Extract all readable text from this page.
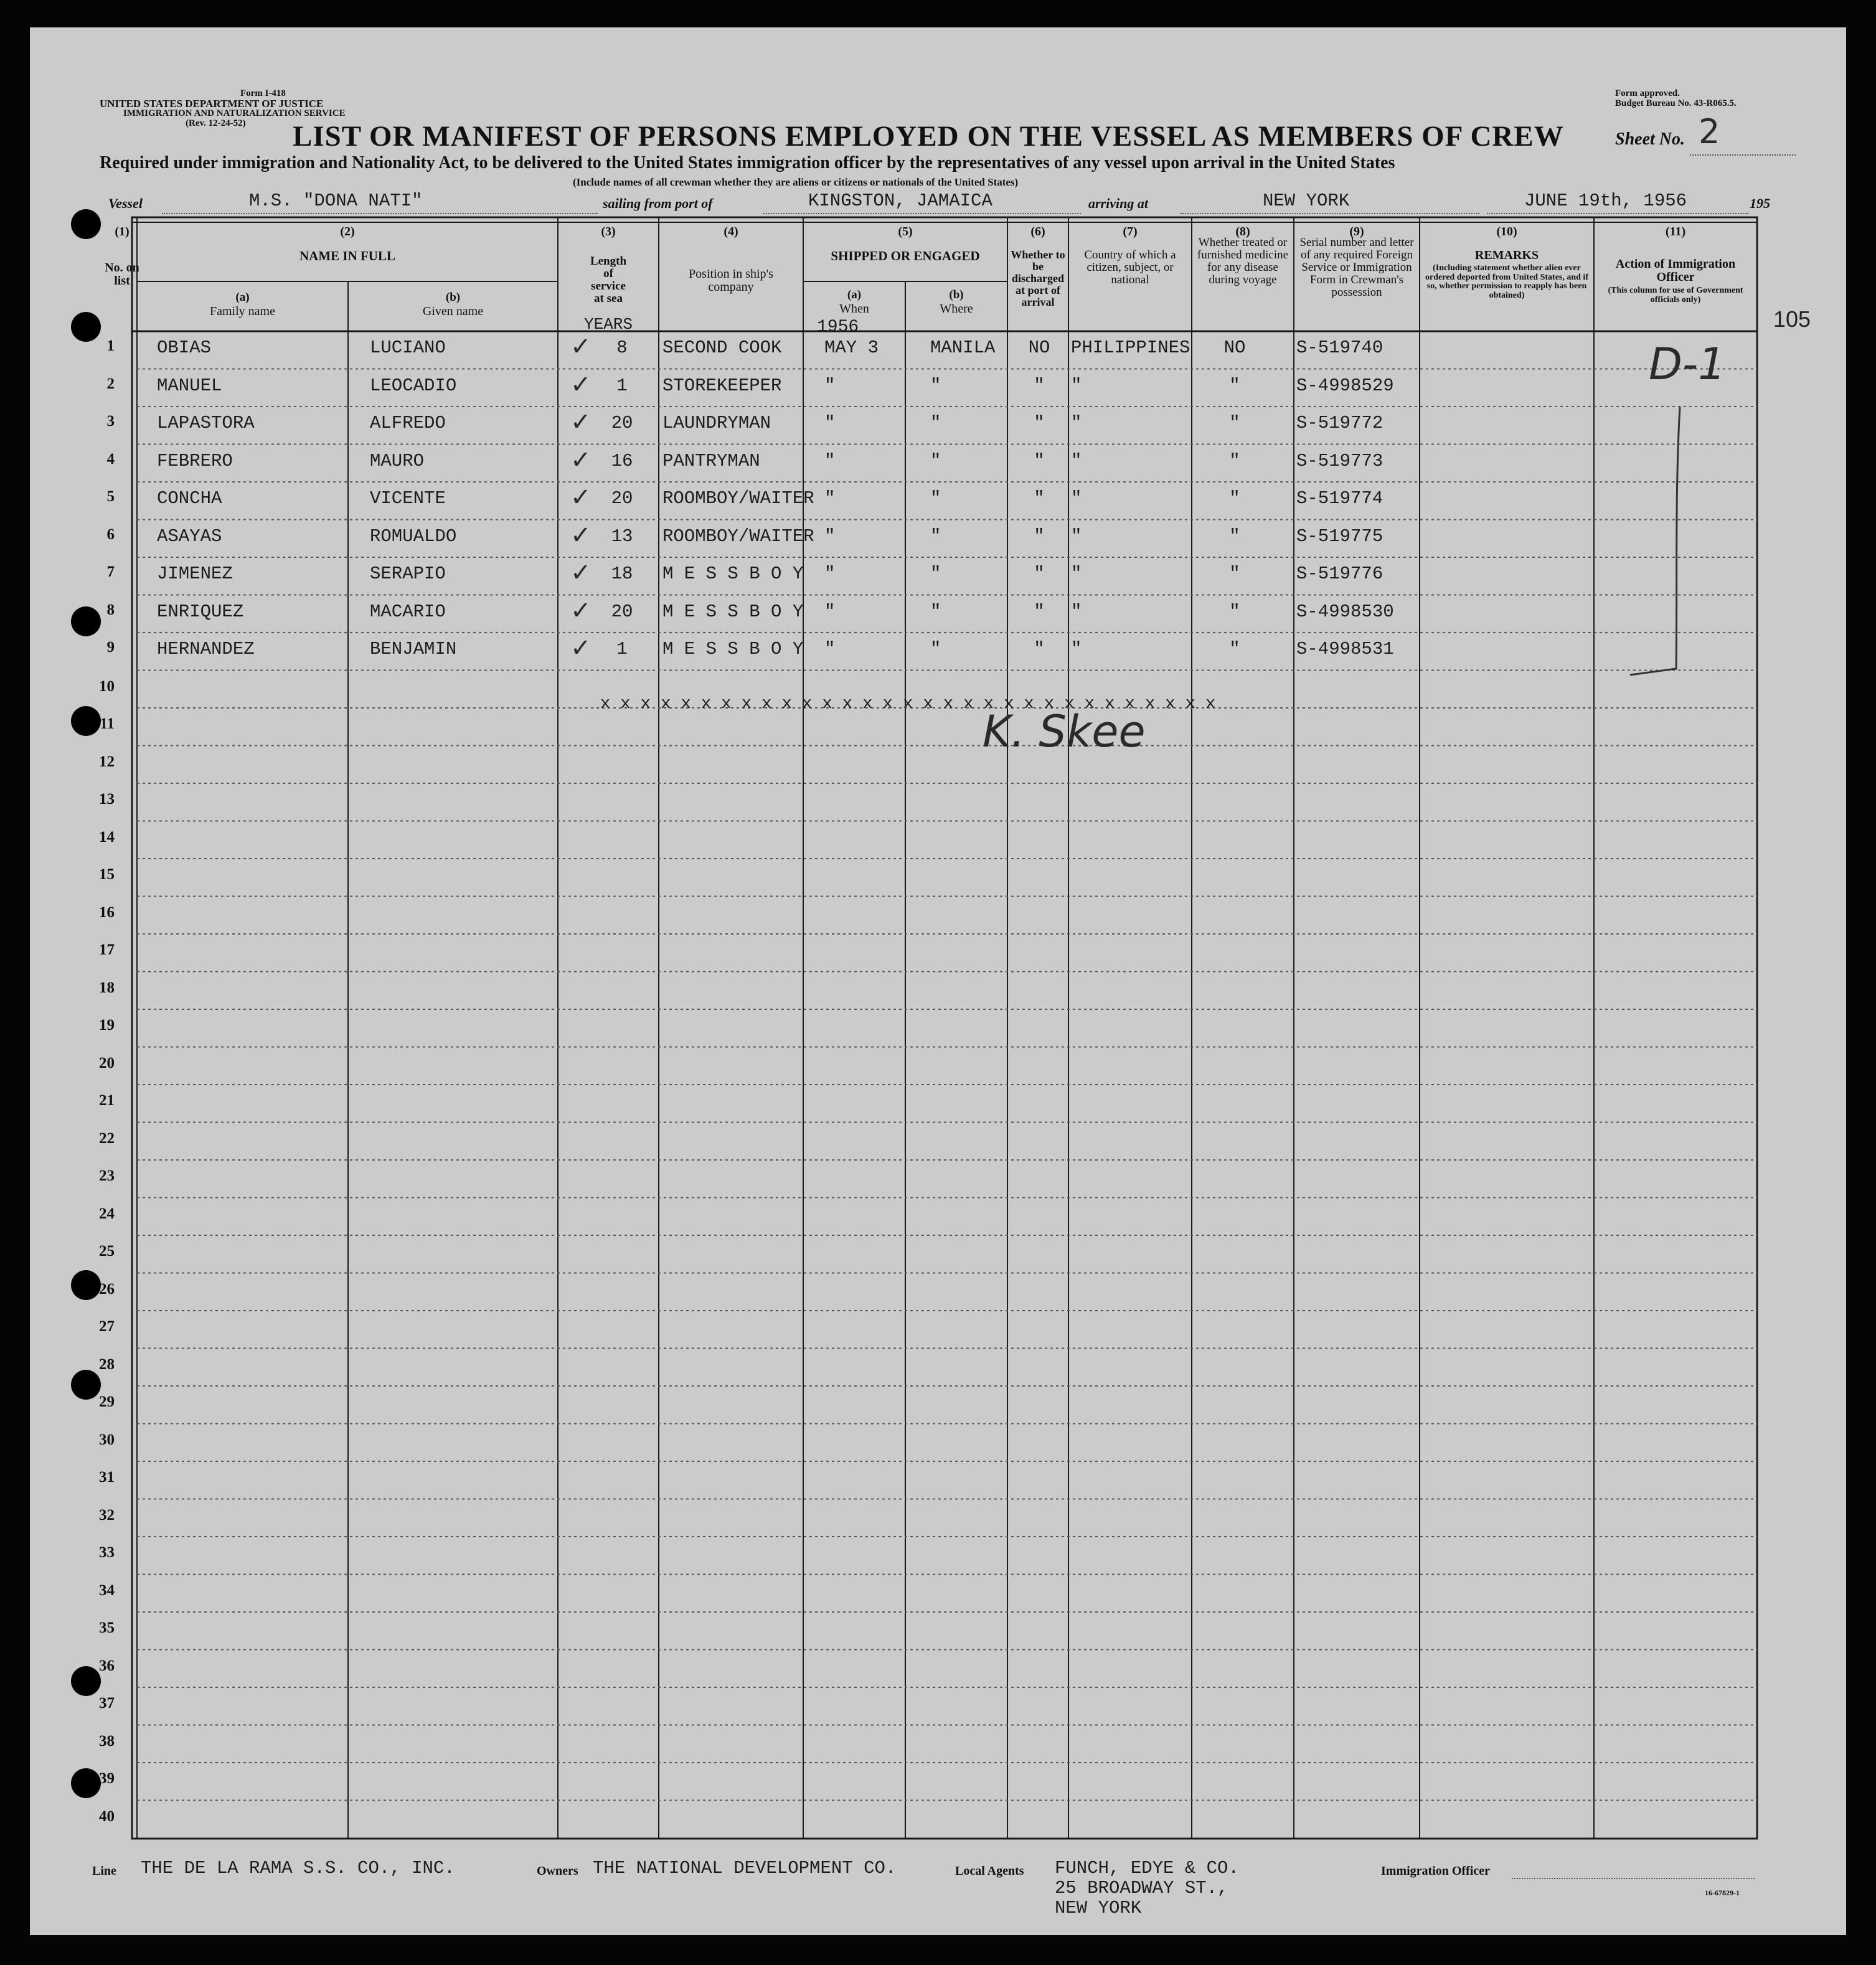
Form I-418
UNITED STATES DEPARTMENT OF JUSTICE
IMMIGRATION AND NATURALIZATION SERVICE
(Rev. 12-24-52)
Form approved.
Budget Bureau No. 43-R065.5.
LIST OR MANIFEST OF PERSONS EMPLOYED ON THE VESSEL AS MEMBERS OF CREW	Sheet No. 2
Required under immigration and Nationality Act, to be delivered to the United States immigration officer by the representatives of any vessel upon arrival in the United States
(Include names of all crewman whether they are aliens or citizens or nationals of the United States)
Vessel	M.S. "DONA NATI"	sailing from port of	KINGSTON, JAMAICA	arriving at	NEW YORK	JUNE 19th, 1956	195
(1)
No. on list
(2)
NAME IN FULL
(a)
Family name
(b)
Given name
(3)
Length of service at sea
YEARS
(4)
Position in ship's company
(5)
SHIPPED OR ENGAGED
(a)
When
1956
(b)
Where
(6)
Whether to be discharged at port of arrival
(7)
Country of which a citizen, subject, or national
(8)
Whether treated or furnished medicine for any disease during voyage
(9)
Serial number and letter of any required Foreign Service or Immigration Form in Crewman's possession
(10)
REMARKS
(Including statement whether alien ever ordered deported from United States, and if so, whether permission to reapply has been obtained)
(11)
Action of Immigration Officer
(This column for use of Government officials only)
105
1 OBIAS	LUCIANO	8	SECOND COOK MAY 3	MANILA	NO	PHILIPPINES	NO	S-519740
✓
2 MANUEL	LEOCADIO	1	STOREKEEPER "	"	"	"	"	S-4998529
✓
3 LAPASTORA	ALFREDO	20	LAUNDRYMAN	"	"	"	"	"	S-519772
✓
4 FEBRERO	MAURO	16	PANTRYMAN	"	"	"	"	"	S-519773
✓
5 CONCHA	VICENTE	20	ROOMBOY/WAITER "	"	"	"	"	S-519774
✓
6 ASAYAS	ROMUALDO	13	ROOMBOY/WAITER "	"	"	"	"	S-519775
✓
7 JIMENEZ	SERAPIO	18	M E S S B O Y "	"	"	"	"	S-519776
✓
8 ENRIQUEZ	MACARIO	20	M E S S B O Y "	"	"	"	"	S-4998530
✓
9 HERNANDEZ	BENJAMIN	1	M E S S B O Y "	"	"	"	"	S-4998531
✓
10
11
12
13
14
15
16
17
18
19
20
21
22
23
24
25
26
27
28
29
30
31
32
33
34
35
36
37
38
39
40
x x x x x x x x x x x x x x x x x x x x x x x x x x x x x x x
D-1
K. Skee
Line THE DE LA RAMA S.S. CO., INC.	Owners THE NATIONAL DEVELOPMENT CO.	Local Agents FUNCH, EDYE & CO.
25 BROADWAY ST.,
NEW YORK
Immigration Officer
16-67829-1
